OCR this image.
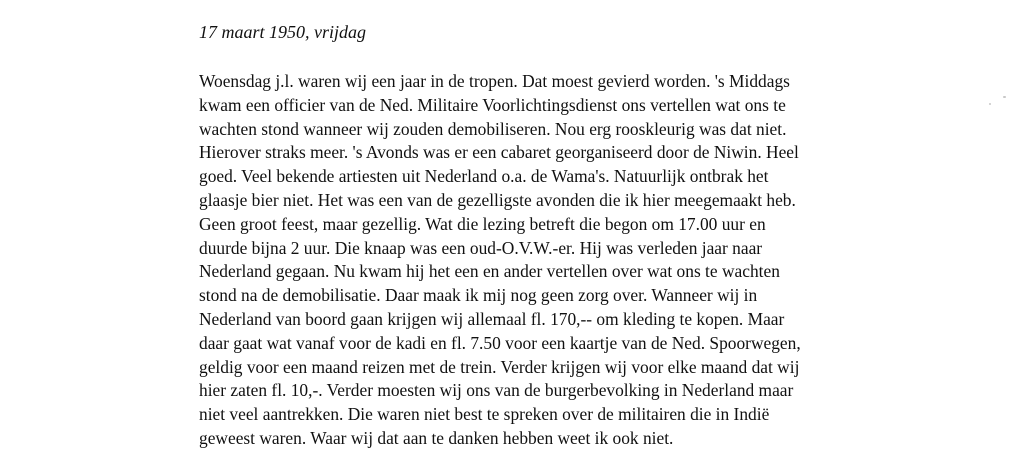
17 maart 1950, vrijdag
Woensdag j.l. waren wij een jaar in de tropen. Dat moest gevierd worden. 's Middags
kwam een officier van de Ned. Militaire Voorlichtingsdienst ons vertellen wat ons te
wachten stond wanneer wij zouden demobiliseren. Nou erg rooskleurig was dat niet.
Hierover straks meer. 's Avonds was er een cabaret georganiseerd door de Niwin. Heel
goed. Veel bekende artiesten uit Nederland o.a. de Wama's. Natuurlijk ontbrak het
glaasje bier niet. Het was een van de gezelligste avonden die ik hier meegemaakt heb.
Geen groot feest, maar gezellig. Wat die lezing betreft die begon om 17.00 uur en
duurde bijna 2 uur. Die knaap was een oud-O.V.W.-er. Hij was verleden jaar naar
Nederland gegaan. Nu kwam hij het een en ander vertellen over wat ons te wachten
stond na de demobilisatie. Daar maak ik mij nog geen zorg over. Wanneer wij in
Nederland van boord gaan krijgen wij allemaal fl. 170,-- om kleding te kopen. Maar
daar gaat wat vanaf voor de kadi en fl. 7.50 voor een kaartje van de Ned. Spoorwegen,
geldig voor een maand reizen met de trein. Verder krijgen wij voor elke maand dat wij
hier zaten fl. 10,-. Verder moesten wij ons van de burgerbevolking in Nederland maar
niet veel aantrekken. Die waren niet best te spreken over de militairen die in Indië
geweest waren. Waar wij dat aan te danken hebben weet ik ook niet.
